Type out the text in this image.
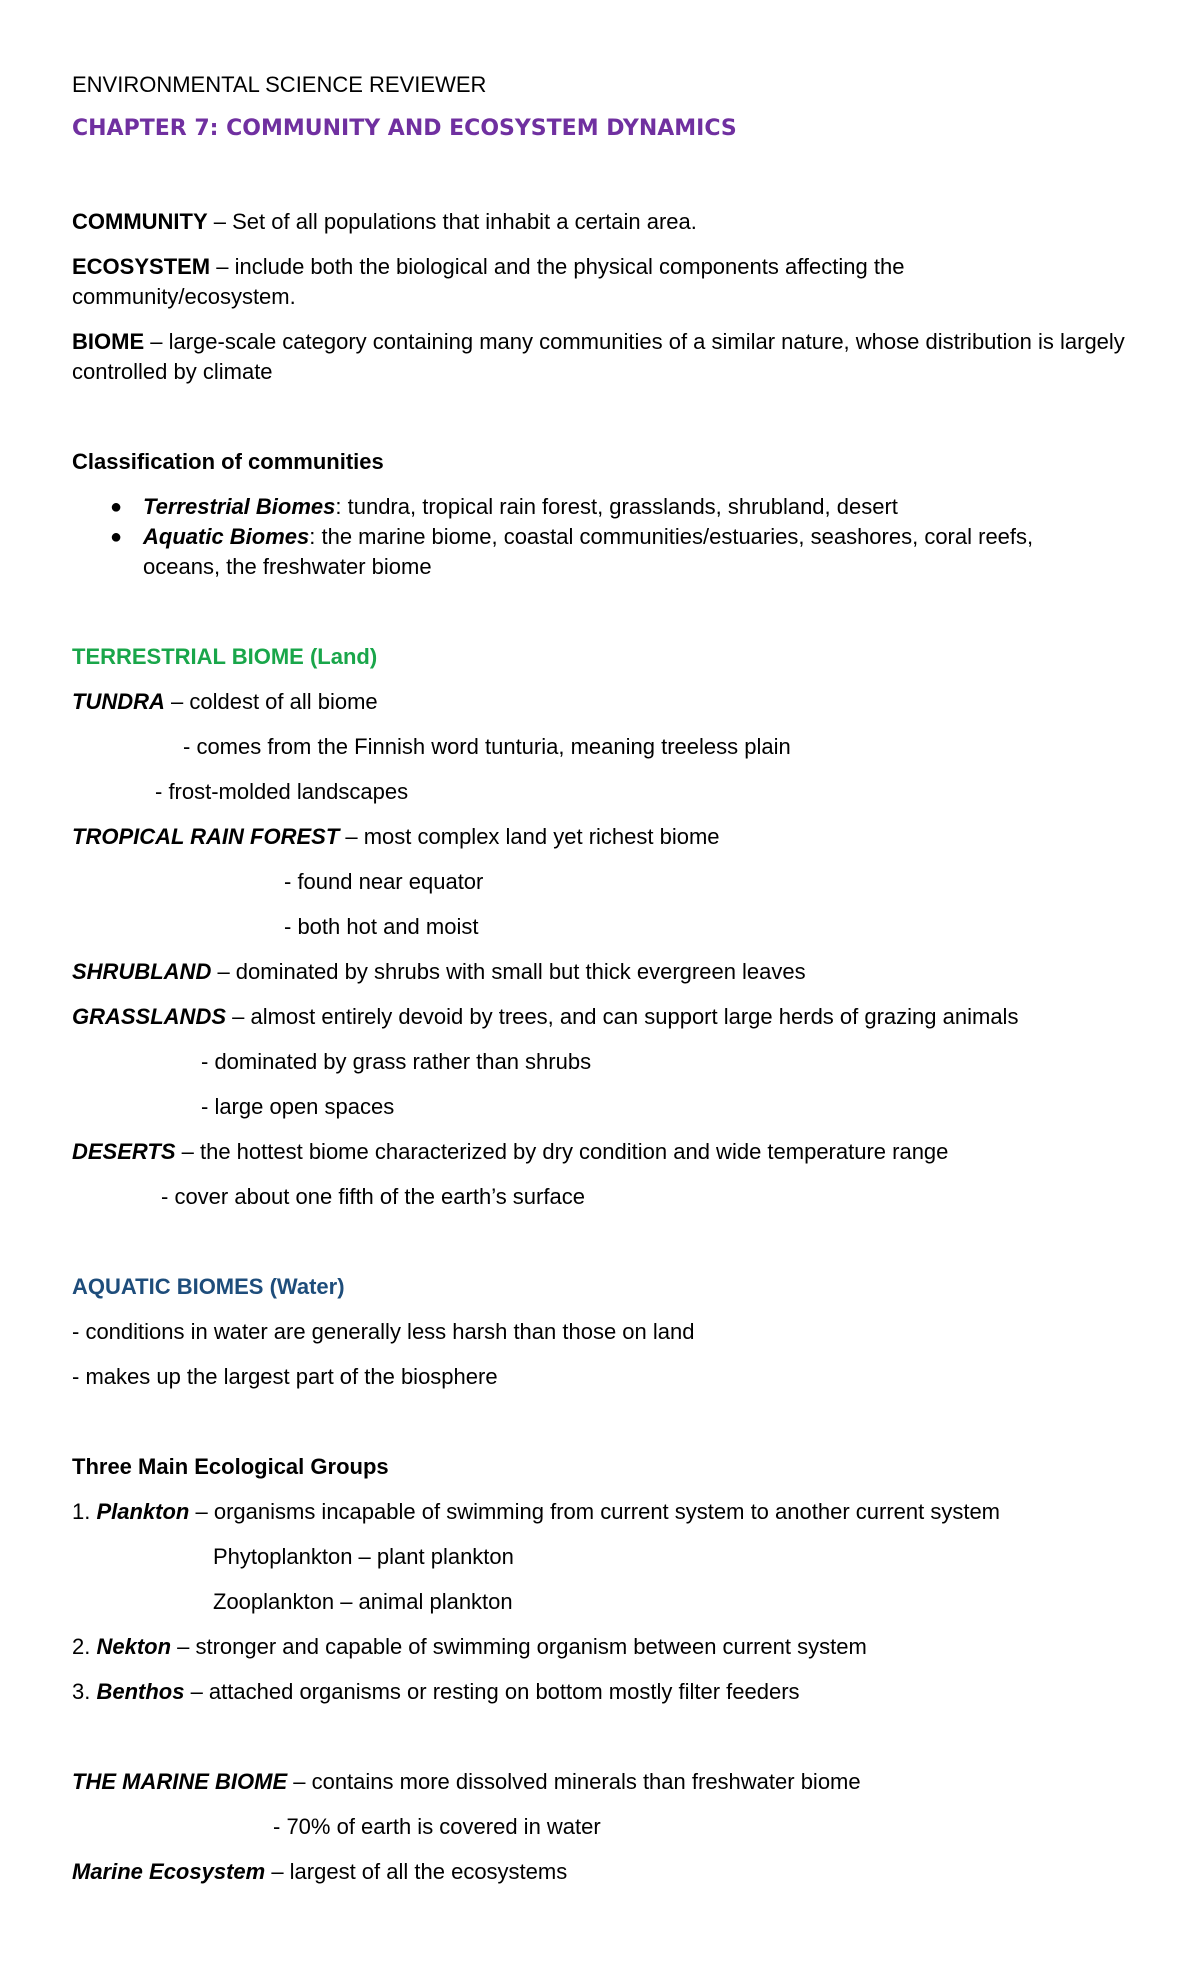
ENVIRONMENTAL SCIENCE REVIEWER
CHAPTER 7: COMMUNITY AND ECOSYSTEM DYNAMICS
COMMUNITY – Set of all populations that inhabit a certain area.
ECOSYSTEM – include both the biological and the physical components affecting the community/ecosystem.
BIOME – large-scale category containing many communities of a similar nature, whose distribution is largely controlled by climate
Classification of communities
● Terrestrial Biomes: tundra, tropical rain forest, grasslands, shrubland, desert
● Aquatic Biomes: the marine biome, coastal communities/estuaries, seashores, coral reefs,
oceans, the freshwater biome
TERRESTRIAL BIOME (Land)
TUNDRA – coldest of all biome
- comes from the Finnish word tunturia, meaning treeless plain
- frost-molded landscapes
TROPICAL RAIN FOREST – most complex land yet richest biome
- found near equator
- both hot and moist
SHRUBLAND – dominated by shrubs with small but thick evergreen leaves
GRASSLANDS – almost entirely devoid by trees, and can support large herds of grazing animals
- dominated by grass rather than shrubs
- large open spaces
DESERTS – the hottest biome characterized by dry condition and wide temperature range
- cover about one fifth of the earth’s surface
AQUATIC BIOMES (Water)
- conditions in water are generally less harsh than those on land
- makes up the largest part of the biosphere
Three Main Ecological Groups
1. Plankton – organisms incapable of swimming from current system to another current system
Phytoplankton – plant plankton
Zooplankton – animal plankton
2. Nekton – stronger and capable of swimming organism between current system
3. Benthos – attached organisms or resting on bottom mostly filter feeders
THE MARINE BIOME – contains more dissolved minerals than freshwater biome
- 70% of earth is covered in water
Marine Ecosystem – largest of all the ecosystems
